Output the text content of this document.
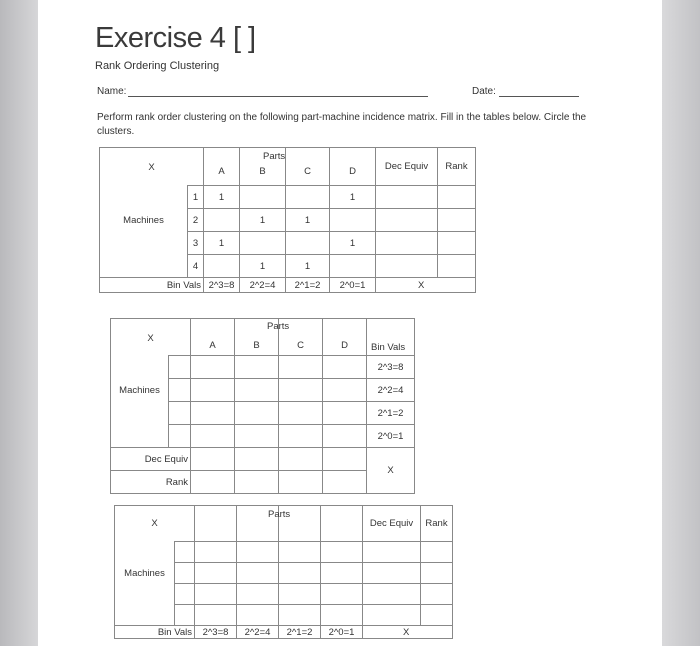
Exercise 4 [ ]
Rank Ordering Clustering
Name:	Date:
Perform rank order clustering on the following part-machine incidence matrix. Fill in the tables below. Circle the clusters.
X		A	B	C	D	Dec Equiv	Rank
	1	1			1		
Machines	2		1	1			
	3	1			1		
	4		1	1			
Bin Vals		2^3=8	2^2=4	2^1=2	2^0=1	X	
Parts
X		A	B	C	D	Bin Vals
						2^3=8
Machines						2^2=4
						2^1=2
						2^0=1
Dec Equiv						X
Rank						
Parts
X						Dec Equiv	Rank

Machines							

Bin Vals		2^3=8	2^2=4	2^1=2	2^0=1	X	
Parts
